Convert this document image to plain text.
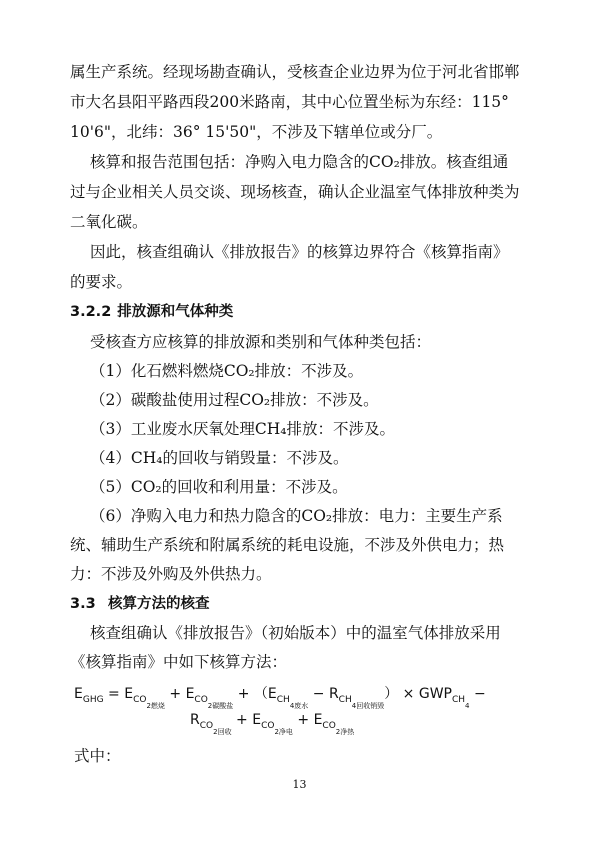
属生产系统。经现场勘查确认，受核查企业边界为位于河北省邯郸
市大名县阳平路西段200米路南，其中心位置坐标为东经：115°
10'6"，北纬：36° 15'50"，不涉及下辖单位或分厂。
核算和报告范围包括：净购入电力隐含的CO₂排放。核查组通
过与企业相关人员交谈、现场核查，确认企业温室气体排放种类为
二氧化碳。
因此，核查组确认《排放报告》的核算边界符合《核算指南》
的要求。
3.2.2 排放源和气体种类
受核查方应核算的排放源和类别和气体种类包括：
（1）化石燃料燃烧CO₂排放：不涉及。
（2）碳酸盐使用过程CO₂排放：不涉及。
（3）工业废水厌氧处理CH₄排放：不涉及。
（4）CH₄的回收与销毁量：不涉及。
（5）CO₂的回收和利用量：不涉及。
（6）净购入电力和热力隐含的CO₂排放：电力：主要生产系
统、辅助生产系统和附属系统的耗电设施，不涉及外供电力；热
力：不涉及外购及外供热力。
3.3 核算方法的核查
核查组确认《排放报告》（初始版本）中的温室气体排放采用
《核算指南》中如下核算方法：
$E_{GHG} = E_{CO_{2燃烧}} + E_{CO_{2碳酸盐}} + (E_{CH_{4废水}} - R_{CH_{4回收销毁}}) \times GWP_{CH_4}$ −
$R_{CO_{2回收}} + E_{CO_{2净电}} + E_{CO_{2净热}}$
式中：
13
